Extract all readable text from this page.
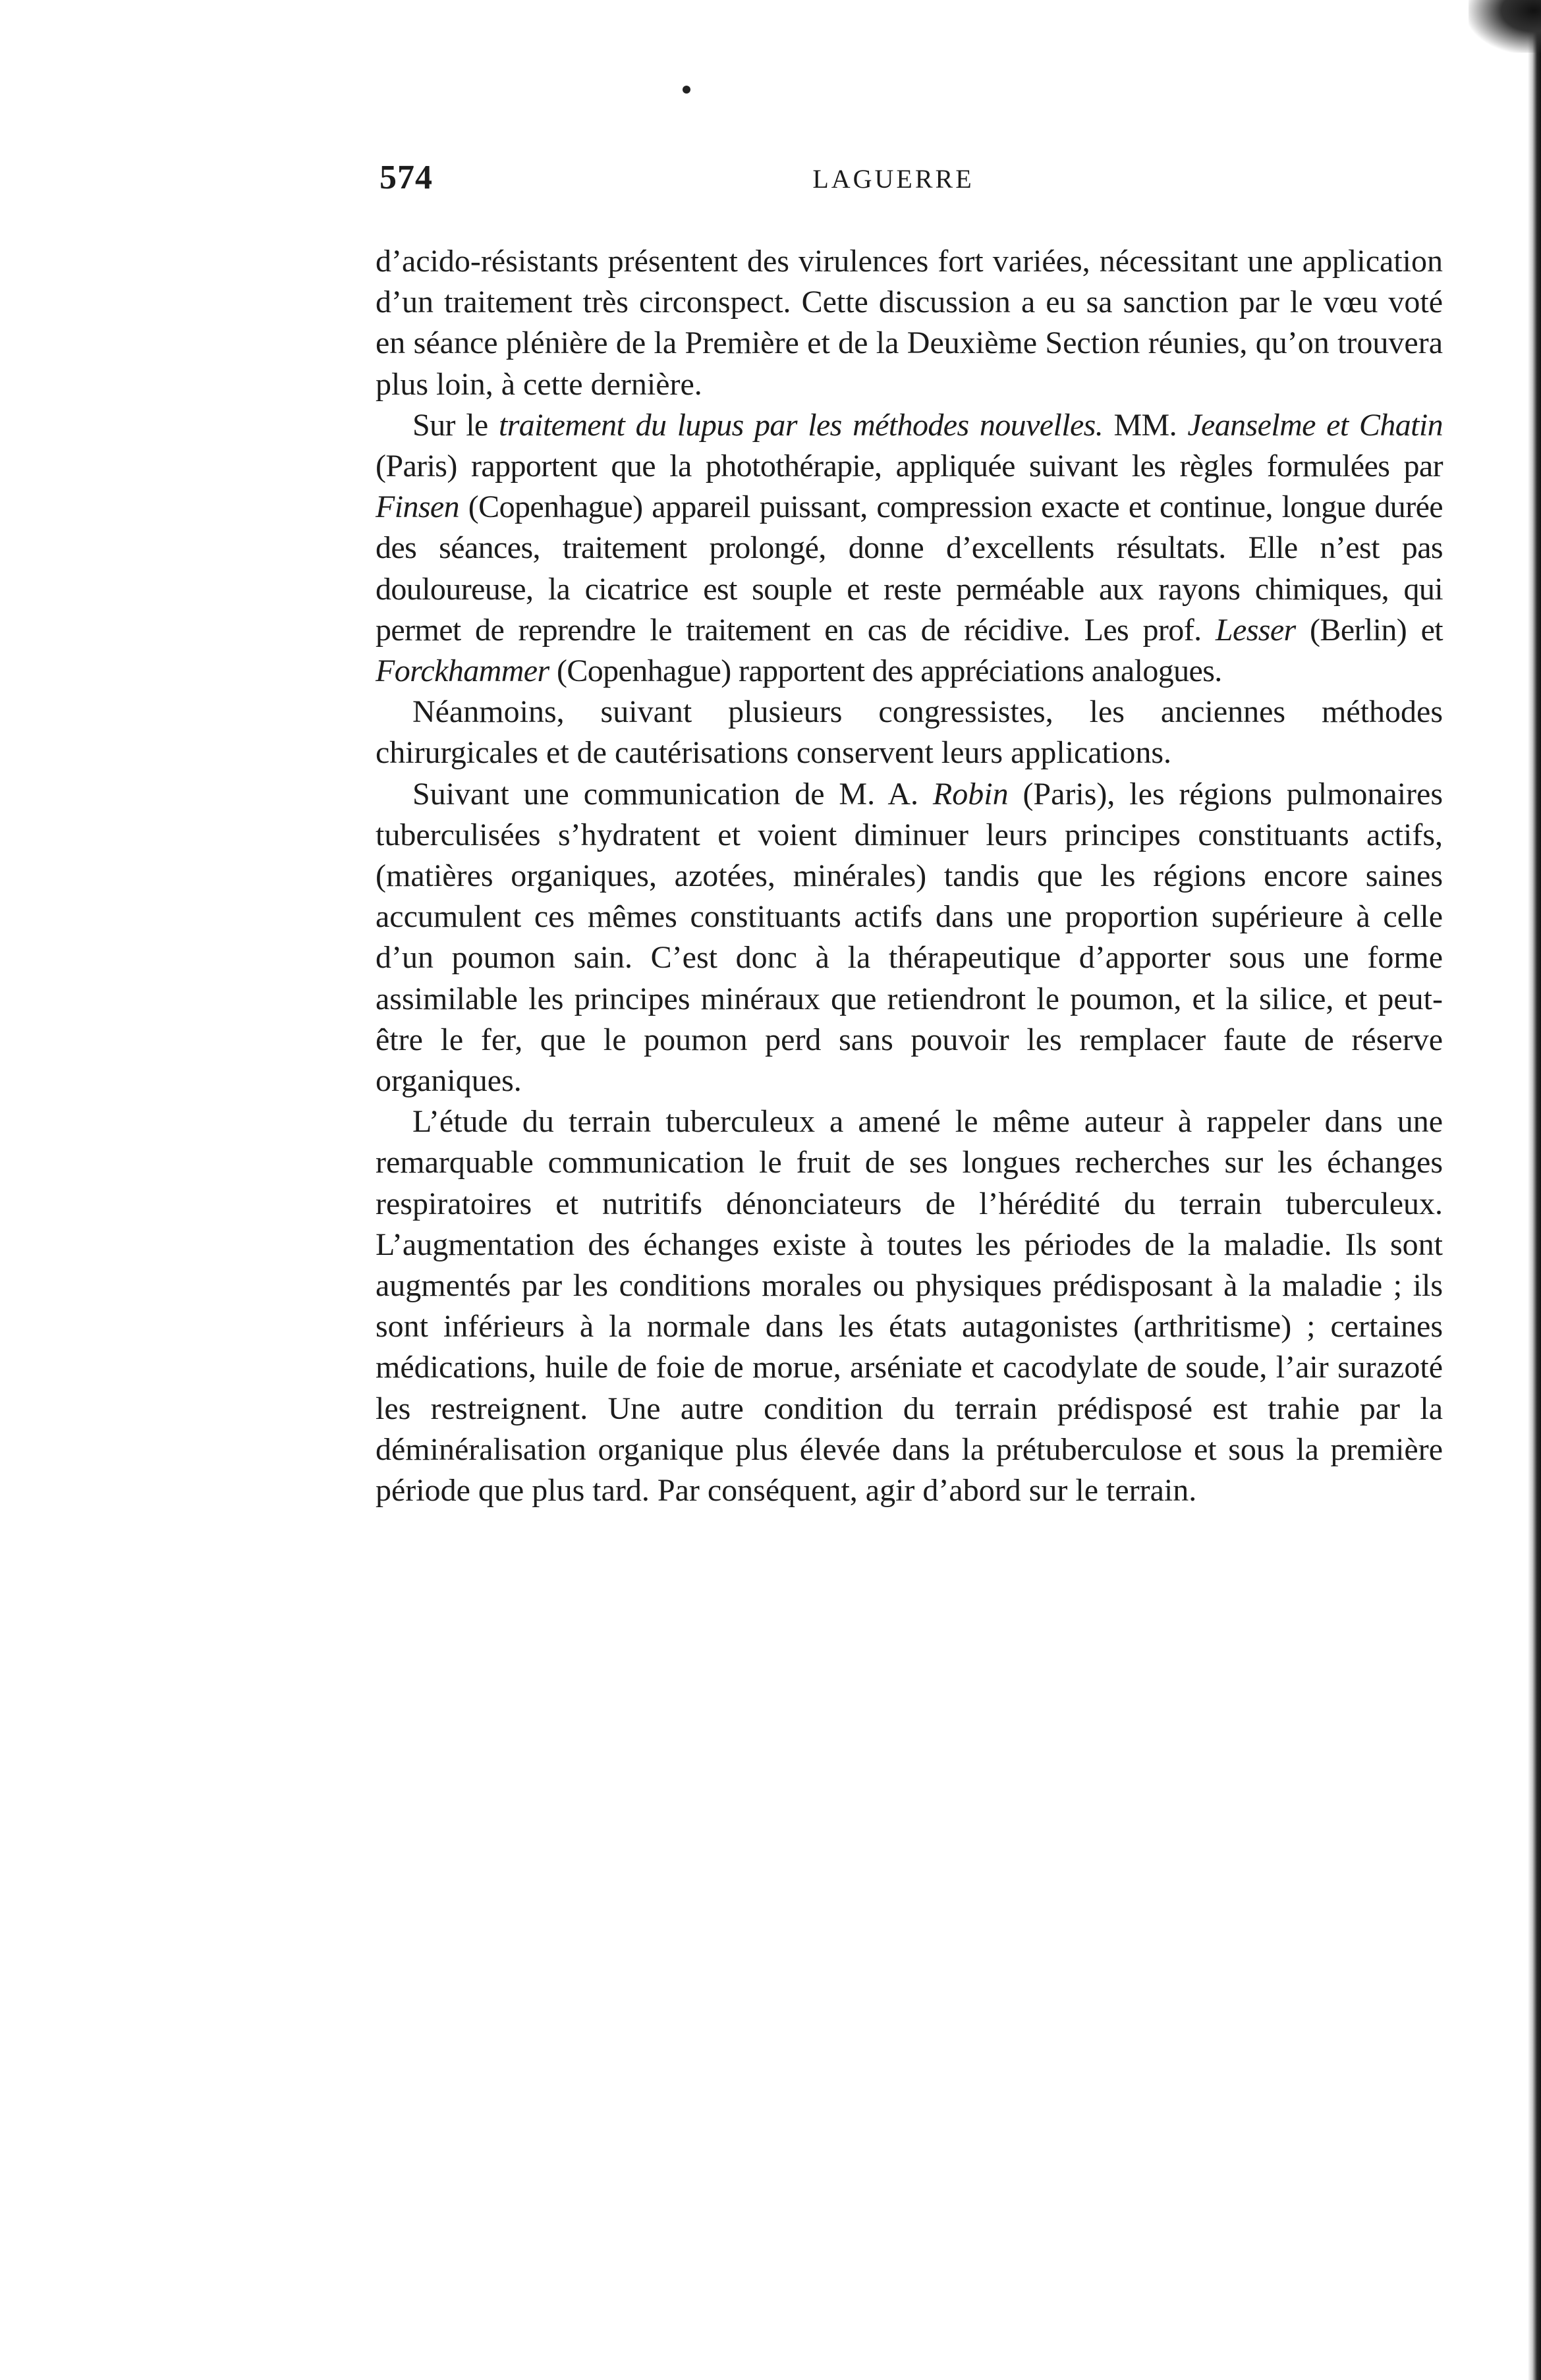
574	LAGUERRE

d’acido-résistants présentent des virulences fort variées, nécessitant une application d’un traitement très circonspect. Cette discussion a eu sa sanction par le vœu voté en séance plénière de la Première et de la Deuxième Section réunies, qu’on trouvera plus loin, à cette dernière.

Sur le traitement du lupus par les méthodes nouvelles. MM. Jeanselme et Chatin (Paris) rapportent que la photothérapie, appliquée suivant les règles formulées par Finsen (Copenhague) appareil puissant, compression exacte et continue, longue durée des séances, traitement prolongé, donne d’excellents résultats. Elle n’est pas douloureuse, la cicatrice est souple et reste perméable aux rayons chimiques, qui permet de reprendre le traitement en cas de récidive. Les prof. Lesser (Berlin) et Forckhammer (Copenhague) rapportent des appréciations analogues.

Néanmoins, suivant plusieurs congressistes, les anciennes méthodes chirurgicales et de cautérisations conservent leurs applications.

Suivant une communication de M. A. Robin (Paris), les régions pulmonaires tuberculisées s’hydratent et voient diminuer leurs principes constituants actifs, (matières organiques, azotées, minérales) tandis que les régions encore saines accumulent ces mêmes constituants actifs dans une proportion supérieure à celle d’un poumon sain. C’est donc à la thérapeutique d’apporter sous une forme assimilable les principes minéraux que retiendront le poumon, et la silice, et peut-être le fer, que le poumon perd sans pouvoir les remplacer faute de réserve organiques.

L’étude du terrain tuberculeux a amené le même auteur à rappeler dans une remarquable communication le fruit de ses longues recherches sur les échanges respiratoires et nutritifs dénonciateurs de l’hérédité du terrain tuberculeux. L’augmentation des échanges existe à toutes les périodes de la maladie. Ils sont augmentés par les conditions morales ou physiques prédisposant à la maladie ; ils sont inférieurs à la normale dans les états autagonistes (arthritisme) ; certaines médications, huile de foie de morue, arséniate et cacodylate de soude, l’air surazoté les restreignent. Une autre condition du terrain prédisposé est trahie par la déminéralisation organique plus élevée dans la prétuberculose et sous la première période que plus tard. Par conséquent, agir d’abord sur le terrain.
